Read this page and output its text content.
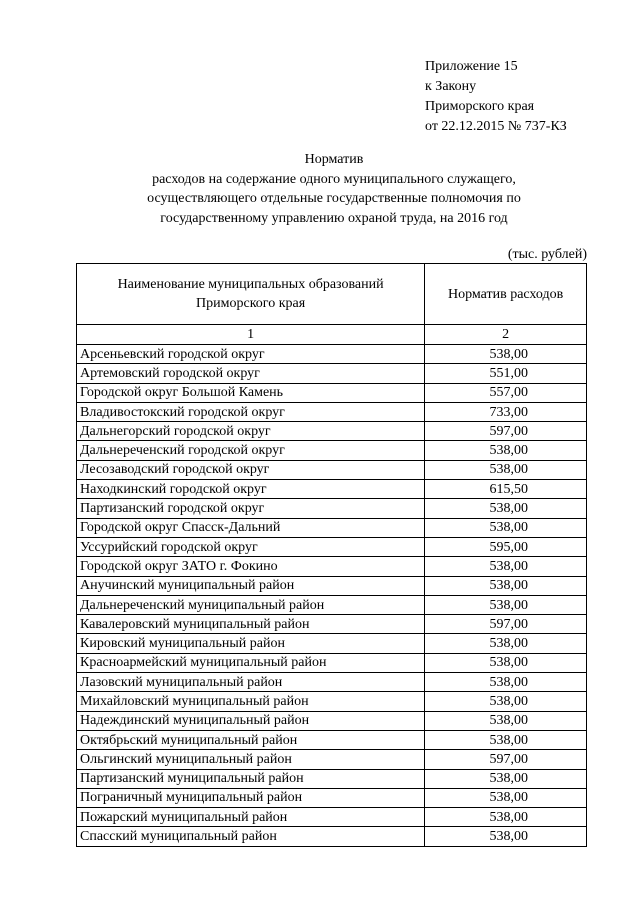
Приложение 15
к Закону
Приморского края
от 22.12.2015 № 737-КЗ
Норматив
расходов на содержание одного муниципального служащего,
осуществляющего отдельные государственные полномочия по
государственному управлению охраной труда, на 2016 год
(тыс. рублей)
Наименование муниципальных образований Приморского края	Норматив расходов
1	2
Арсеньевский городской округ	538,00
Артемовский городской округ	551,00
Городской округ Большой Камень	557,00
Владивостокский городской округ	733,00
Дальнегорский городской округ	597,00
Дальнереченский городской округ	538,00
Лесозаводский городской округ	538,00
Находкинский городской округ	615,50
Партизанский городской округ	538,00
Городской округ Спасск-Дальний	538,00
Уссурийский городской округ	595,00
Городской округ ЗАТО г. Фокино	538,00
Анучинский муниципальный район	538,00
Дальнереченский муниципальный район	538,00
Кавалеровский муниципальный район	597,00
Кировский муниципальный район	538,00
Красноармейский муниципальный район	538,00
Лазовский муниципальный район	538,00
Михайловский муниципальный район	538,00
Надеждинский муниципальный район	538,00
Октябрьский муниципальный район	538,00
Ольгинский муниципальный район	597,00
Партизанский муниципальный район	538,00
Пограничный муниципальный район	538,00
Пожарский муниципальный район	538,00
Спасский муниципальный район	538,00
